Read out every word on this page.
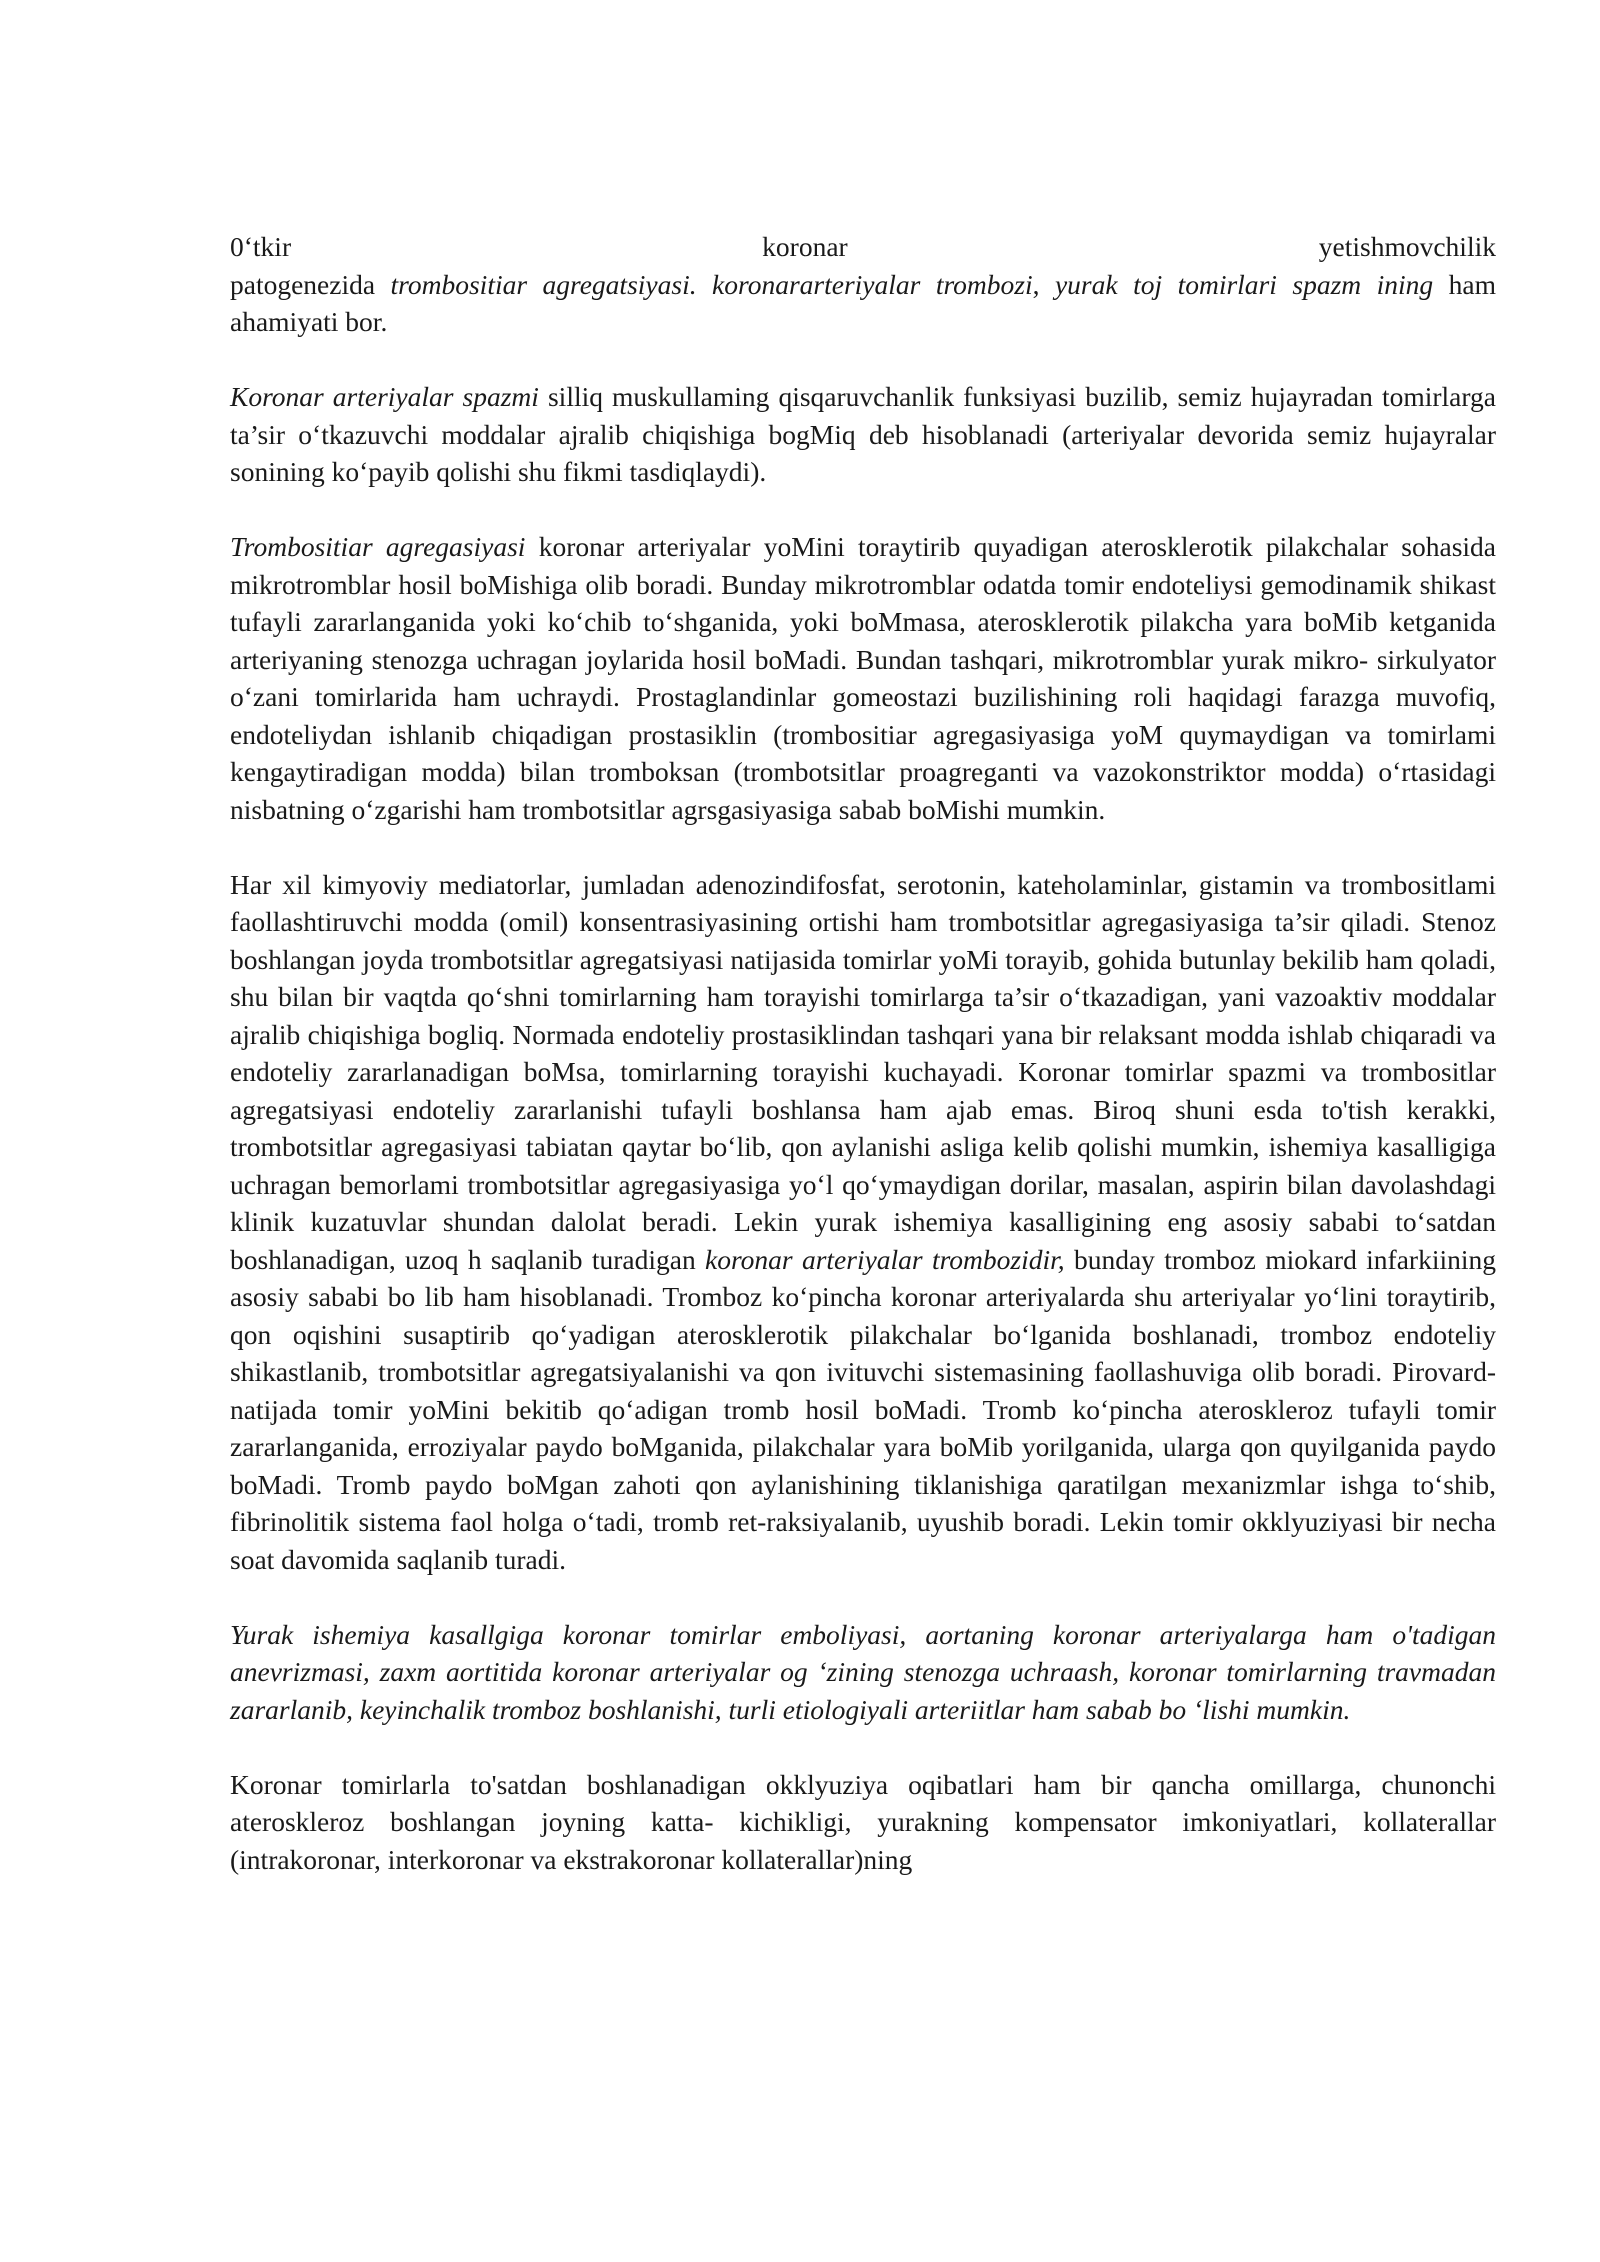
0‘tkir	koronar	yetishmovchilik
patogenezida trombositiar agregatsiyasi. koronararteriyalar trombozi, yurak toj tomirlari spazm ining ham ahamiyati bor.
Koronar arteriyalar spazmi silliq muskullaming qisqaruvchanlik funksiyasi buzilib, semiz hujayradan tomirlarga ta’sir o‘tkazuvchi moddalar ajralib chiqishiga bogMiq deb hisoblanadi (arteriyalar devorida semiz hujayralar sonining ko‘payib qolishi shu fikmi tasdiqlaydi).
Trombositiar agregasiyasi koronar arteriyalar yoMini toraytirib quyadigan aterosklerotik pilakchalar sohasida mikrotromblar hosil boMishiga olib boradi. Bunday mikrotromblar odatda tomir endoteliysi gemodinamik shikast tufayli zararlanganida yoki ko‘chib to‘shganida, yoki boMmasa, aterosklerotik pilakcha yara boMib ketganida arteriyaning stenozga uchragan joylarida hosil boMadi. Bundan tashqari, mikrotromblar yurak mikro- sirkulyator o‘zani tomirlarida ham uchraydi. Prostaglandinlar gomeostazi buzilishining roli haqidagi farazga muvofiq, endoteliydan ishlanib chiqadigan prostasiklin (trombositiar agregasiyasiga yoM quymaydigan va tomirlami kengaytiradigan modda) bilan tromboksan (trombotsitlar proagreganti va vazokonstriktor modda) o‘rtasidagi nisbatning o‘zgarishi ham trombotsitlar agrsgasiyasiga sabab boMishi mumkin.
Har xil kimyoviy mediatorlar, jumladan adenozindifosfat, serotonin, kateholaminlar, gistamin va trombositlami faollashtiruvchi modda (omil) konsentrasiyasining ortishi ham trombotsitlar agregasiyasiga ta’sir qiladi. Stenoz boshlangan joyda trombotsitlar agregatsiyasi natijasida tomirlar yoMi torayib, gohida butunlay bekilib ham qoladi, shu bilan bir vaqtda qo‘shni tomirlarning ham torayishi tomirlarga ta’sir o‘tkazadigan, yani vazoaktiv moddalar ajralib chiqishiga bogliq. Normada endoteliy prostasiklindan tashqari yana bir relaksant modda ishlab chiqaradi va endoteliy zararlanadigan boMsa, tomirlarning torayishi kuchayadi. Koronar tomirlar spazmi va trombositlar agregatsiyasi endoteliy zararlanishi tufayli boshlansa ham ajab emas. Biroq shuni esda to'tish kerakki, trombotsitlar agregasiyasi tabiatan qaytar bo‘lib, qon aylanishi asliga kelib qolishi mumkin, ishemiya kasalligiga uchragan bemorlami trombotsitlar agregasiyasiga yo‘l qo‘ymaydigan dorilar, masalan, aspirin bilan davolashdagi klinik kuzatuvlar shundan dalolat beradi. Lekin yurak ishemiya kasalligining eng asosiy sababi to‘satdan boshlanadigan, uzoq h saqlanib turadigan koronar arteriyalar trombozidir, bunday tromboz miokard infarkiining asosiy sababi bo lib ham hisoblanadi. Tromboz ko‘pincha koronar arteriyalarda shu arteriyalar yo‘lini toraytirib, qon oqishini susaptirib qo‘yadigan aterosklerotik pilakchalar bo‘lganida boshlanadi, tromboz endoteliy shikastlanib, trombotsitlar agregatsiyalanishi va qon ivituvchi sistemasining faollashuviga olib boradi. Pirovard-natijada tomir yoMini bekitib qo‘adigan tromb hosil boMadi. Tromb ko‘pincha ateroskleroz tufayli tomir zararlanganida, erroziyalar paydo boMganida, pilakchalar yara boMib yorilganida, ularga qon quyilganida paydo boMadi. Tromb paydo boMgan zahoti qon aylanishining tiklanishiga qaratilgan mexanizmlar ishga to‘shib, fibrinolitik sistema faol holga o‘tadi, tromb ret-raksiyalanib, uyushib boradi. Lekin tomir okklyuziyasi bir necha soat davomida saqlanib turadi.
Yurak ishemiya kasallgiga koronar tomirlar emboliyasi, aortaning koronar arteriyalarga ham o'tadigan anevrizmasi, zaxm aortitida koronar arteriyalar og ‘zining stenozga uchraash, koronar tomirlarning travmadan zararlanib, keyinchalik tromboz boshlanishi, turli etiologiyali arteriitlar ham sabab bo ‘lishi mumkin.
Koronar tomirlarla to'satdan boshlanadigan okklyuziya oqibatlari ham bir qancha omillarga, chunonchi ateroskleroz boshlangan joyning katta- kichikligi, yurakning kompensator imkoniyatlari, kollaterallar (intrakoronar, interkoronar va ekstrakoronar kollaterallar)ning
